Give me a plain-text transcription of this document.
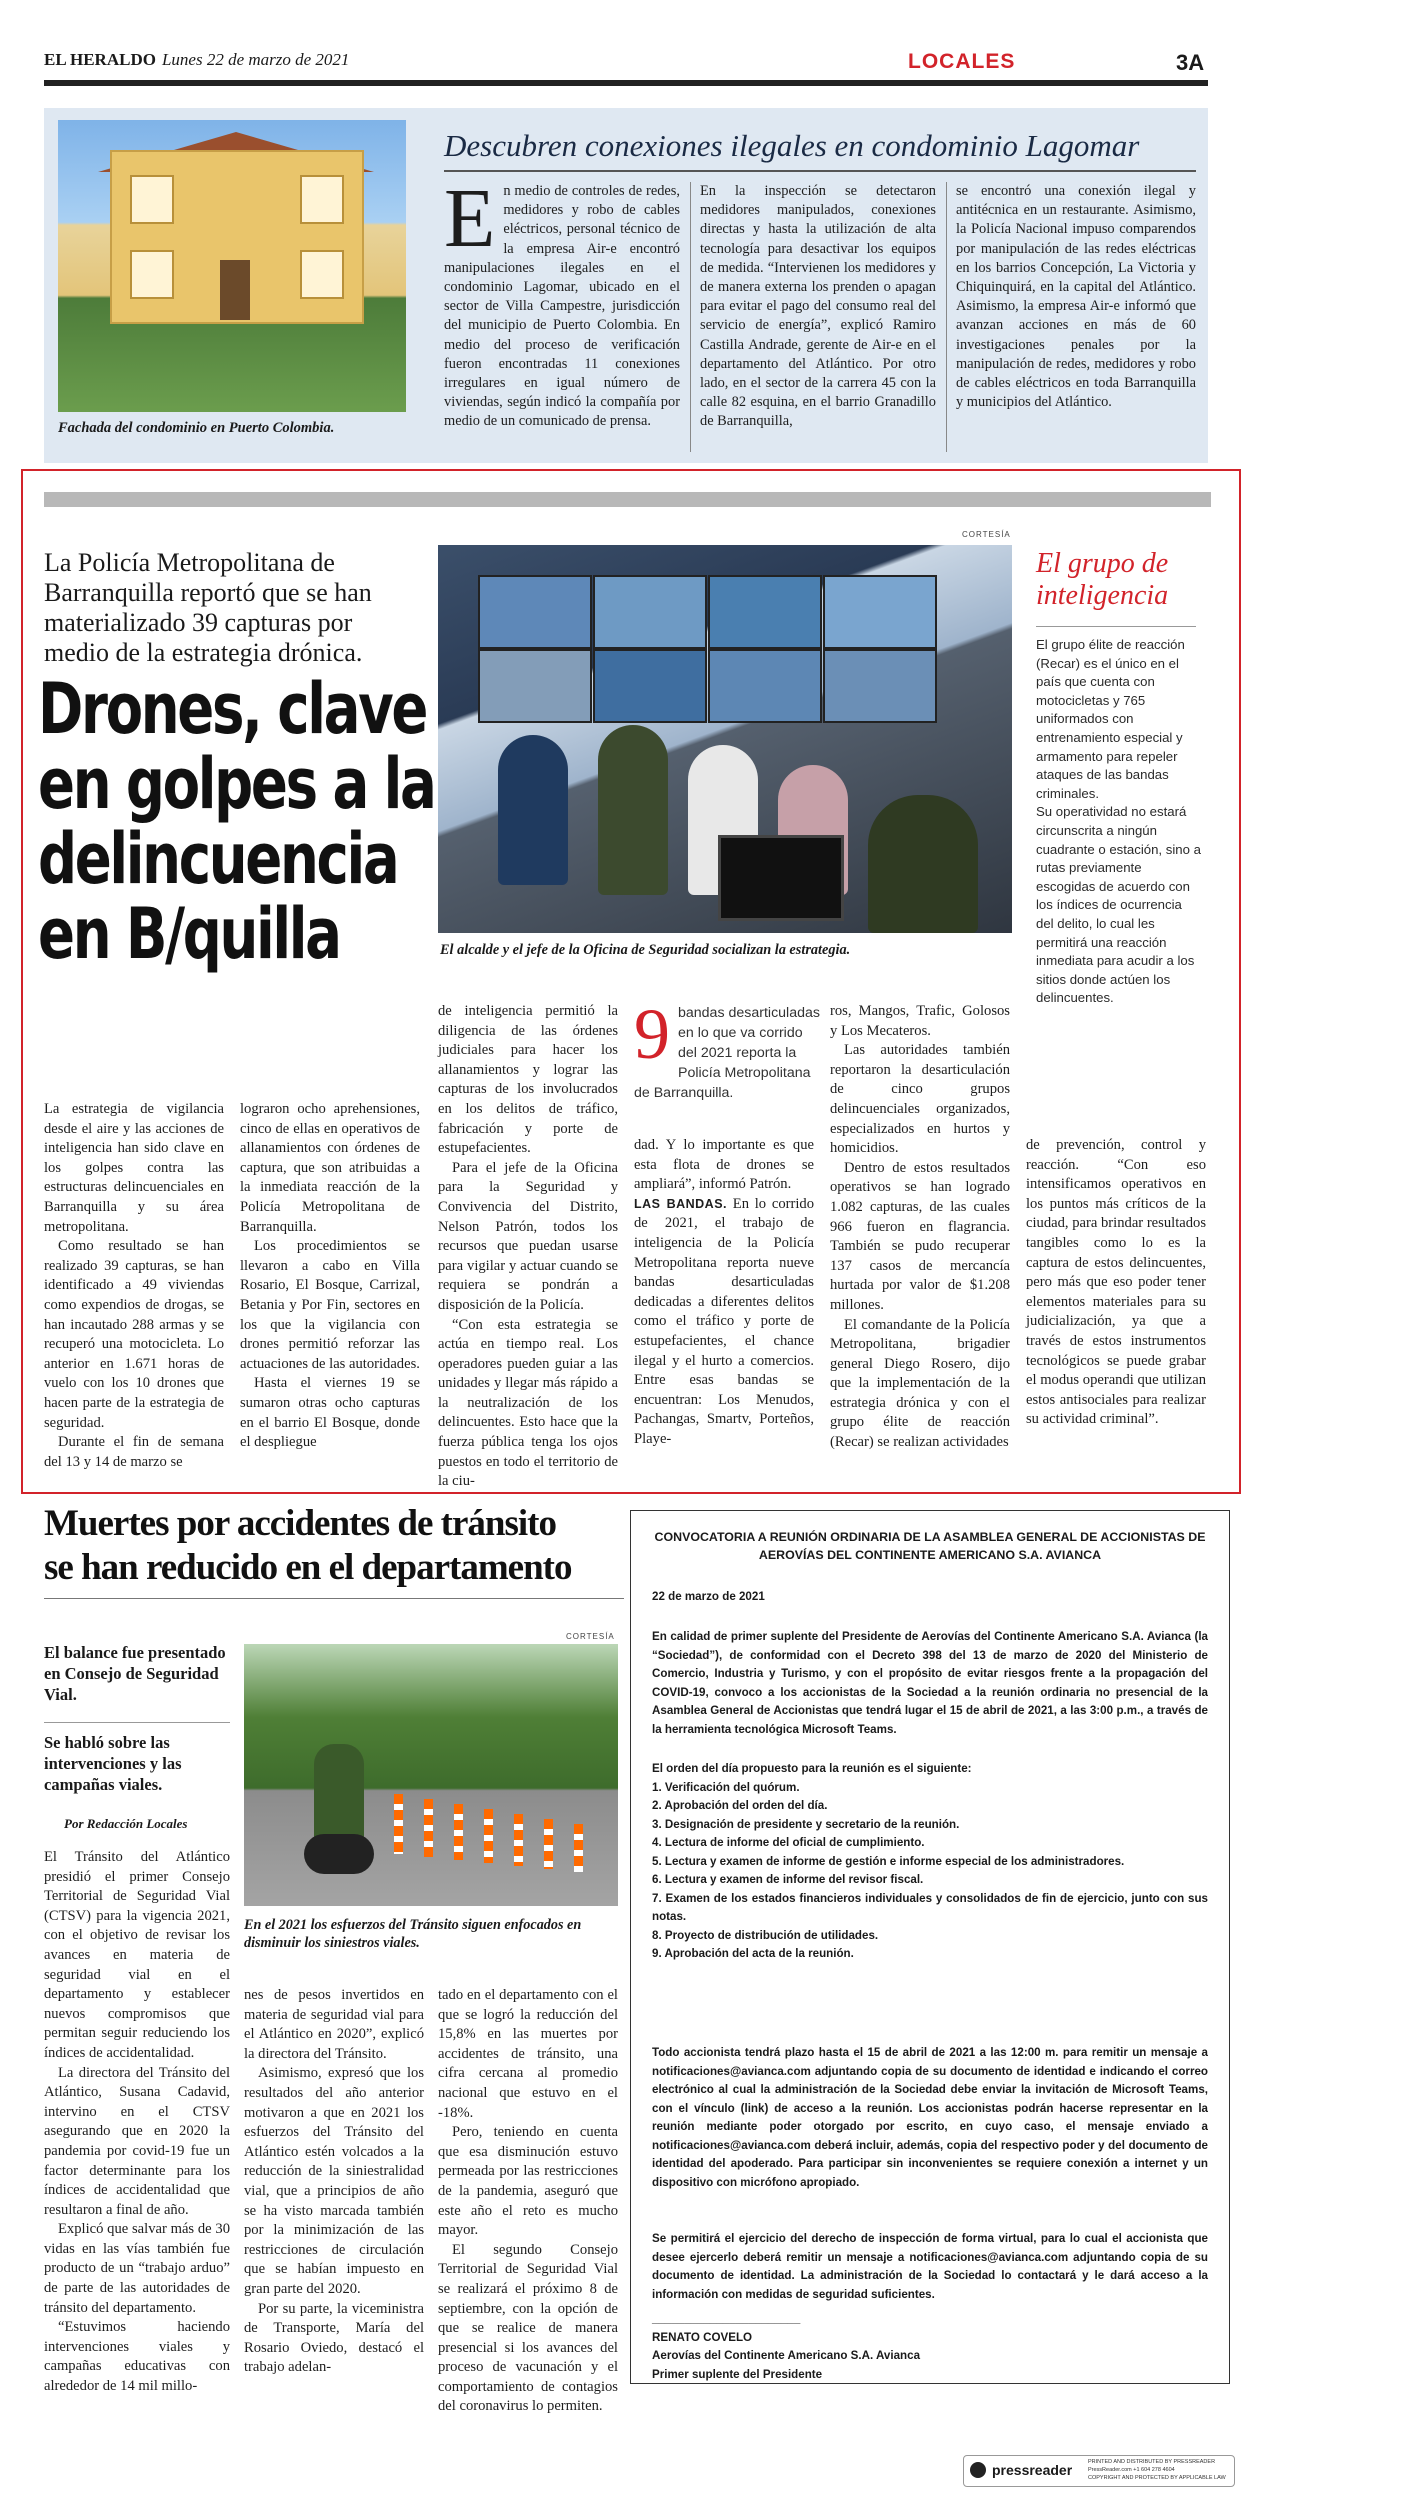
EL HERALDO Lunes 22 de marzo de 2021	LOCALES	3A
Fachada del condominio en Puerto Colombia.
Descubren conexiones ilegales en condominio Lagomar
En medio de controles de redes, medidores y robo de cables eléctricos, personal técnico de la empresa Air-e encontró manipulaciones ilegales en el condominio Lagomar, ubicado en el sector de Villa Campestre, jurisdicción del municipio de Puerto Colombia. En medio del proceso de verificación fueron encontradas 11 conexiones irregulares en igual número de viviendas, según indicó la compañía por medio de un comunicado de prensa.

En la inspección se detectaron medidores manipulados, conexiones directas y hasta la utilización de alta tecnología para desactivar los equipos de medida. “Intervienen los medidores y de manera externa los prenden o apagan para evitar el pago del consumo real del servicio de energía”, explicó Ramiro Castilla Andrade, gerente de Air-e en el departamento del Atlántico. Por otro lado, en el sector de la carrera 45 con la calle 82 esquina, en el barrio Granadillo de Barranquilla,

se encontró una conexión ilegal y antitécnica en un restaurante. Asimismo, la Policía Nacional impuso comparendos por manipulación de las redes eléctricas en los barrios Concepción, La Victoria y Chiquinquirá, en la capital del Atlántico. Asimismo, la empresa Air-e informó que avanzan acciones en más de 60 investigaciones penales por la manipulación de redes, medidores y robo de cables eléctricos en toda Barranquilla y municipios del Atlántico.

La Policía Metropolitana de Barranquilla reportó que se han materializado 39 capturas por medio de la estrategia drónica.
Drones, clave
en golpes a la
delincuencia
en B/quilla
CORTESÍA
El alcalde y el jefe de la Oficina de Seguridad socializan la estrategia.
El grupo de inteligencia

El grupo élite de reacción (Recar) es el único en el país que cuenta con motocicletas y 765 uniformados con entrenamiento especial y armamento para repeler ataques de las bandas criminales.

Su operatividad no estará circunscrita a ningún cuadrante o estación, sino a rutas previamente escogidas de acuerdo con los índices de ocurrencia del delito, lo cual les permitirá una reacción inmediata para acudir a los sitios donde actúen los delincuentes.

La estrategia de vigilancia desde el aire y las acciones de inteligencia han sido clave en los golpes contra las estructuras delincuenciales en Barranquilla y su área metropolitana.

Como resultado se han realizado 39 capturas, se han identificado a 49 viviendas como expendios de drogas, se han incautado 288 armas y se recuperó una motocicleta. Lo anterior en 1.671 horas de vuelo con los 10 drones que hacen parte de la estrategia de seguridad.

Durante el fin de semana del 13 y 14 de marzo se

lograron ocho aprehensiones, cinco de ellas en operativos de allanamientos con órdenes de captura, que son atribuidas a la inmediata reacción de la Policía Metropolitana de Barranquilla.

Los procedimientos se llevaron a cabo en Villa Rosario, El Bosque, Carrizal, Betania y Por Fin, sectores en los que la vigilancia con drones permitió reforzar las actuaciones de las autoridades.

Hasta el viernes 19 se sumaron otras ocho capturas en el barrio El Bosque, donde el despliegue

de inteligencia permitió la diligencia de las órdenes judiciales para hacer los allanamientos y lograr las capturas de los involucrados en los delitos de tráfico, fabricación y porte de estupefacientes.

Para el jefe de la Oficina para la Seguridad y Convivencia del Distrito, Nelson Patrón, todos los recursos que puedan usarse para vigilar y actuar cuando se requiera se pondrán a disposición de la Policía.

“Con esta estrategia se actúa en tiempo real. Los operadores pueden guiar a las unidades y llegar más rápido a la neutralización de los delincuentes. Esto hace que la fuerza pública tenga los ojos puestos en todo el territorio de la ciu-

9 bandas desarticuladas en lo que va corrido del 2021 reporta la Policía Metropolitana de Barranquilla.

dad. Y lo importante es que esta flota de drones se ampliará”, informó Patrón.

LAS BANDAS. En lo corrido de 2021, el trabajo de inteligencia de la Policía Metropolitana reporta nueve bandas desarticuladas dedicadas a diferentes delitos como el tráfico y porte de estupefacientes, el chance ilegal y el hurto a comercios. Entre esas bandas se encuentran: Los Menudos, Pachangas, Smartv, Porteños, Playe-

ros, Mangos, Trafic, Golosos y Los Mecateros.

Las autoridades también reportaron la desarticulación de cinco grupos delincuenciales organizados, especializados en hurtos y homicidios.

Dentro de estos resultados operativos se han logrado 1.082 capturas, de las cuales 966 fueron en flagrancia. También se pudo recuperar 137 casos de mercancía hurtada por valor de $1.208 millones.

El comandante de la Policía Metropolitana, brigadier general Diego Rosero, dijo que la implementación de la estrategia drónica y con el grupo élite de reacción (Recar) se realizan actividades

de prevención, control y reacción. “Con eso intensificamos operativos en los puntos más críticos de la ciudad, para brindar resultados tangibles como lo es la captura de estos delincuentes, pero más que eso poder tener elementos materiales para su judicialización, ya que a través de estos instrumentos tecnológicos se puede grabar el modus operandi que utilizan estos antisociales para realizar su actividad criminal”.

Muertes por accidentes de tránsito
se han reducido en el departamento
El balance fue presentado en Consejo de Seguridad Vial.
Se habló sobre las intervenciones y las campañas viales.
Por Redacción Locales
CORTESÍA
En el 2021 los esfuerzos del Tránsito siguen enfocados en disminuir los siniestros viales.

El Tránsito del Atlántico presidió el primer Consejo Territorial de Seguridad Vial (CTSV) para la vigencia 2021, con el objetivo de revisar los avances en materia de seguridad vial en el departamento y establecer nuevos compromisos que permitan seguir reduciendo los índices de accidentalidad.

La directora del Tránsito del Atlántico, Susana Cadavid, intervino en el CTSV asegurando que en 2020 la pandemia por covid-19 fue un factor determinante para los índices de accidentalidad que resultaron a final de año.

Explicó que salvar más de 30 vidas en las vías también fue producto de un “trabajo arduo” de parte de las autoridades de tránsito del departamento.

“Estuvimos haciendo intervenciones viales y campañas educativas con alrededor de 14 mil millo-

nes de pesos invertidos en materia de seguridad vial para el Atlántico en 2020”, explicó la directora del Tránsito.

Asimismo, expresó que los resultados del año anterior motivaron a que en 2021 los esfuerzos del Tránsito del Atlántico estén volcados a la reducción de la siniestralidad vial, que a principios de año se ha visto marcada también por la minimización de las restricciones de circulación que se habían impuesto en gran parte del 2020.

Por su parte, la viceministra de Transporte, María del Rosario Oviedo, destacó el trabajo adelan-

tado en el departamento con el que se logró la reducción del 15,8% en las muertes por accidentes de tránsito, una cifra cercana al promedio nacional que estuvo en el -18%.

Pero, teniendo en cuenta que esa disminución estuvo permeada por las restricciones de la pandemia, aseguró que este año el reto es mucho mayor.

El segundo Consejo Territorial de Seguridad Vial se realizará el próximo 8 de septiembre, con la opción de que se realice de manera presencial si los avances del proceso de vacunación y el comportamiento de contagios del coronavirus lo permiten.

CONVOCATORIA A REUNIÓN ORDINARIA DE LA ASAMBLEA GENERAL DE ACCIONISTAS DE AEROVÍAS DEL CONTINENTE AMERICANO S.A. AVIANCA
22 de marzo de 2021
En calidad de primer suplente del Presidente de Aerovías del Continente Americano S.A. Avianca (la “Sociedad”), de conformidad con el Decreto 398 del 13 de marzo de 2020 del Ministerio de Comercio, Industria y Turismo, y con el propósito de evitar riesgos frente a la propagación del COVID-19, convoco a los accionistas de la Sociedad a la reunión ordinaria no presencial de la Asamblea General de Accionistas que tendrá lugar el 15 de abril de 2021, a las 3:00 p.m., a través de la herramienta tecnológica Microsoft Teams.
El orden del día propuesto para la reunión es el siguiente:
1. Verificación del quórum.
2. Aprobación del orden del día.
3. Designación de presidente y secretario de la reunión.
4. Lectura de informe del oficial de cumplimiento.
5. Lectura y examen de informe de gestión e informe especial de los administradores.
6. Lectura y examen de informe del revisor fiscal.
7. Examen de los estados financieros individuales y consolidados de fin de ejercicio, junto con sus notas.
8. Proyecto de distribución de utilidades.
9. Aprobación del acta de la reunión.
Todo accionista tendrá plazo hasta el 15 de abril de 2021 a las 12:00 m. para remitir un mensaje a notificaciones@avianca.com adjuntando copia de su documento de identidad e indicando el correo electrónico al cual la administración de la Sociedad debe enviar la invitación de Microsoft Teams, con el vínculo (link) de acceso a la reunión. Los accionistas podrán hacerse representar en la reunión mediante poder otorgado por escrito, en cuyo caso, el mensaje enviado a notificaciones@avianca.com deberá incluir, además, copia del respectivo poder y del documento de identidad del apoderado. Para participar sin inconvenientes se requiere conexión a internet y un dispositivo con micrófono apropiado.
Se permitirá el ejercicio del derecho de inspección de forma virtual, para lo cual el accionista que desee ejercerlo deberá remitir un mensaje a notificaciones@avianca.com adjuntando copia de su documento de identidad. La administración de la Sociedad lo contactará y le dará acceso a la información con medidas de seguridad suficientes.
_______________________
RENATO COVELO
Aerovías del Continente Americano S.A. Avianca
Primer suplente del Presidente
pressreader	PRINTED AND DISTRIBUTED BY PRESSREADER
PressReader.com +1 604 278 4604
COPYRIGHT AND PROTECTED BY APPLICABLE LAW
